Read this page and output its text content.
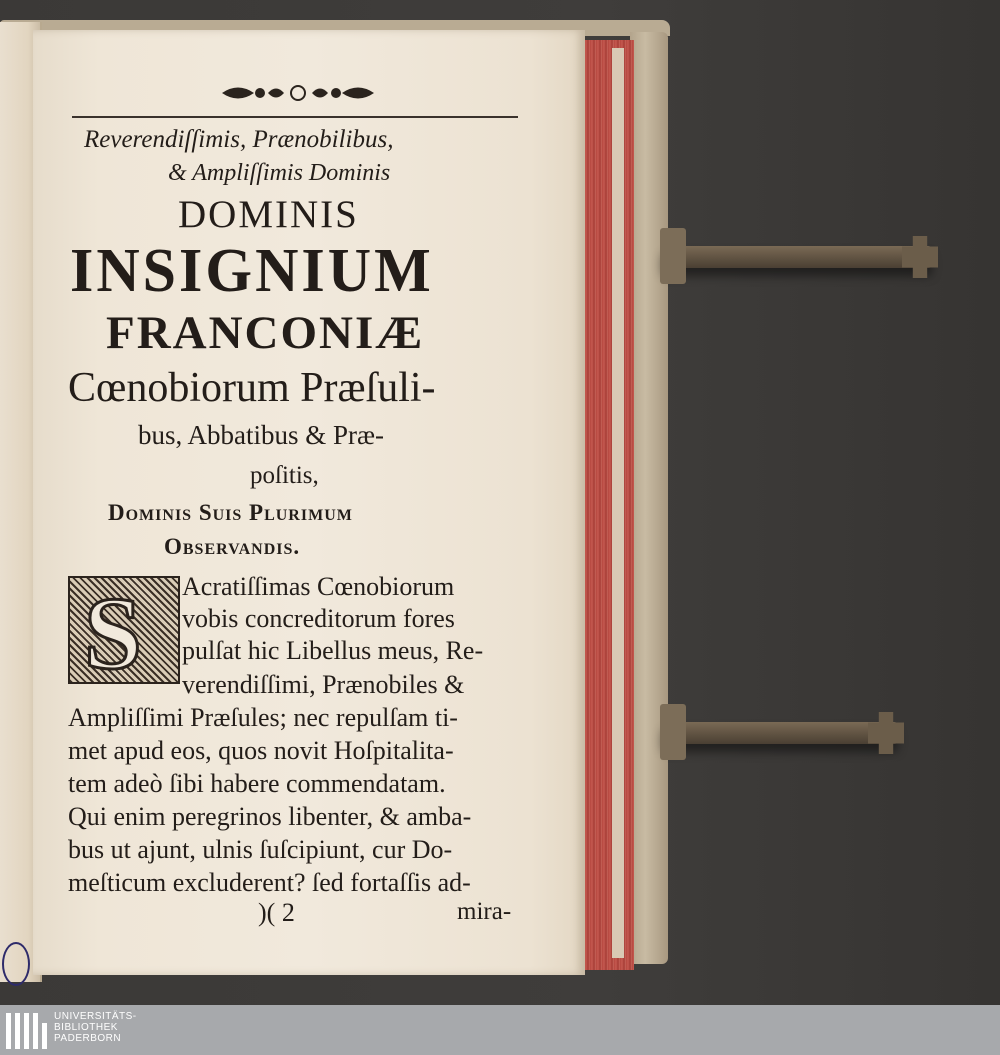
Reverendiſſimis, Prænobilibus,
& Ampliſſimis Dominis
DOMINIS
INSIGNIUM
FRANCONIÆ
Cœnobiorum Præſuli-
bus, Abbatibus & Præ-
poſitis,
Dominis Suis Plurimum
Observandis.
S Acratiſſimas Cœnobiorum
vobis concreditorum fores
pulſat hic Libellus meus, Re-
verendiſſimi, Prænobiles &
Ampliſſimi Præſules; nec repulſam ti-
met apud eos, quos novit Hoſpitalita-
tem adeò ſibi habere commendatam.
Qui enim peregrinos libenter, & amba-
bus ut ajunt, ulnis ſuſcipiunt, cur Do-
meſticum excluderent? ſed fortaſſis ad-
)( 2	mira-
UNIVERSITÄTS-
BIBLIOTHEK
PADERBORN
